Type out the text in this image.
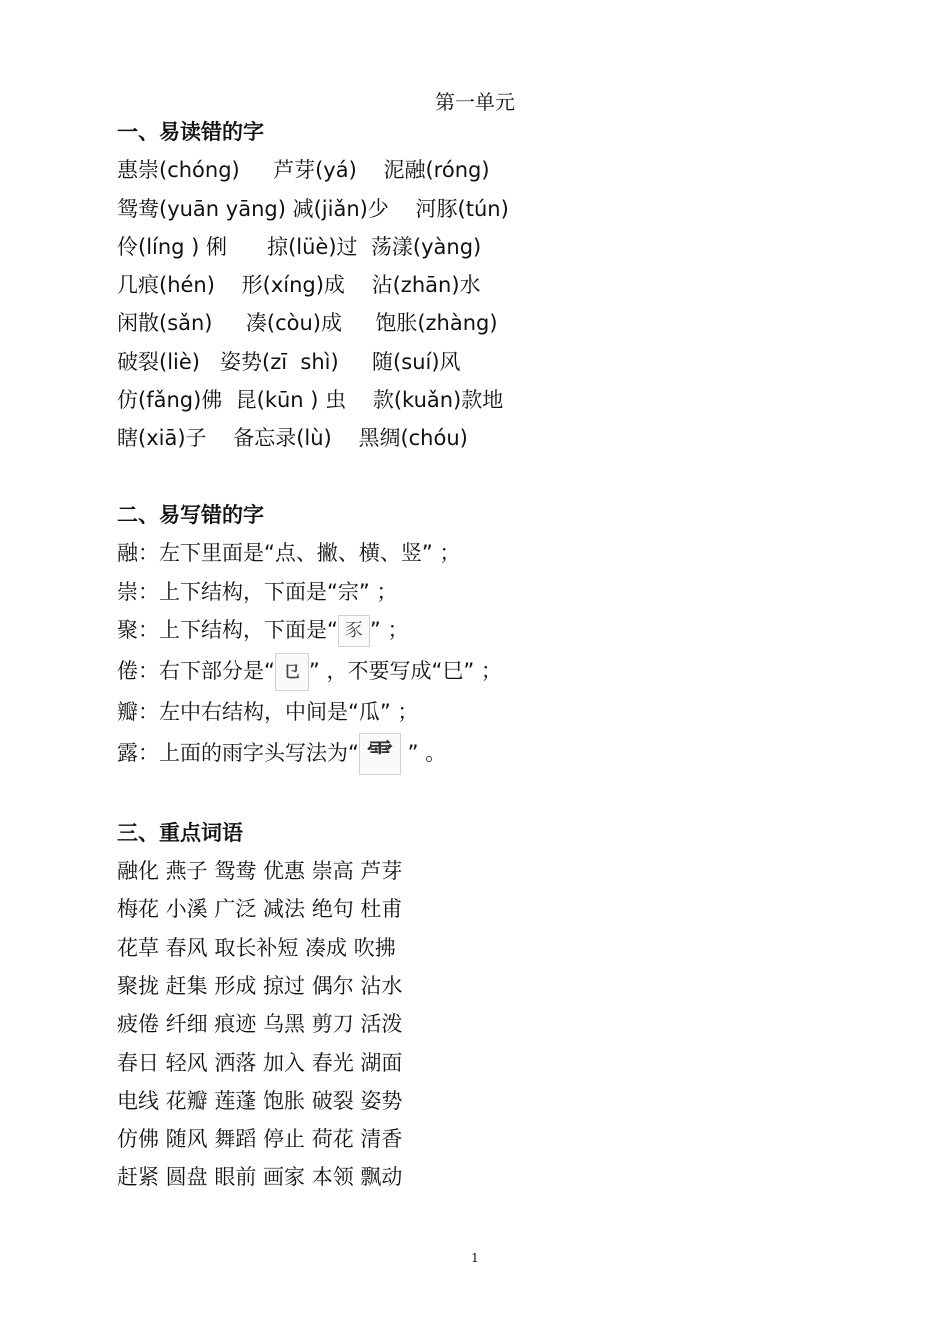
第一单元
一、易读错的字
惠崇(chóng)     芦芽(yá)    泥融(róng)
鸳鸯(yuān yāng) 减(jiǎn)少    河豚(tún)
伶(líng ) 俐      掠(lüè)过  荡漾(yàng)
几痕(hén)    形(xíng)成    沾(zhān)水
闲散(sǎn)     凑(còu)成     饱胀(zhàng)
破裂(liè)   姿势(zī  shì)     随(suí)风
仿(fǎng)佛  昆(kūn ) 虫    款(kuǎn)款地
瞎(xiā)子    备忘录(lù)    黑绸(chóu)
二、易写错的字
融：左下里面是“点、撇、横、竖” ；
崇：上下结构，下面是“宗” ；
聚：上下结构，下面是“ 豕 ” ；
倦：右下部分是“ 㔾 ” ，不要写成“巳” ；
瓣：左中右结构，中间是“瓜” ；
露：上面的雨字头写法为“ ⻗ ” 。
三、重点词语
融化 燕子 鸳鸯 优惠 崇高 芦芽
梅花 小溪 广泛 减法 绝句 杜甫
花草 春风 取长补短 凑成 吹拂
聚拢 赶集 形成 掠过 偶尔 沾水
疲倦 纤细 痕迹 乌黑 剪刀 活泼
春日 轻风 洒落 加入 春光 湖面
电线 花瓣 莲蓬 饱胀 破裂 姿势
仿佛 随风 舞蹈 停止 荷花 清香
赶紧 圆盘 眼前 画家 本领 飘动
1
